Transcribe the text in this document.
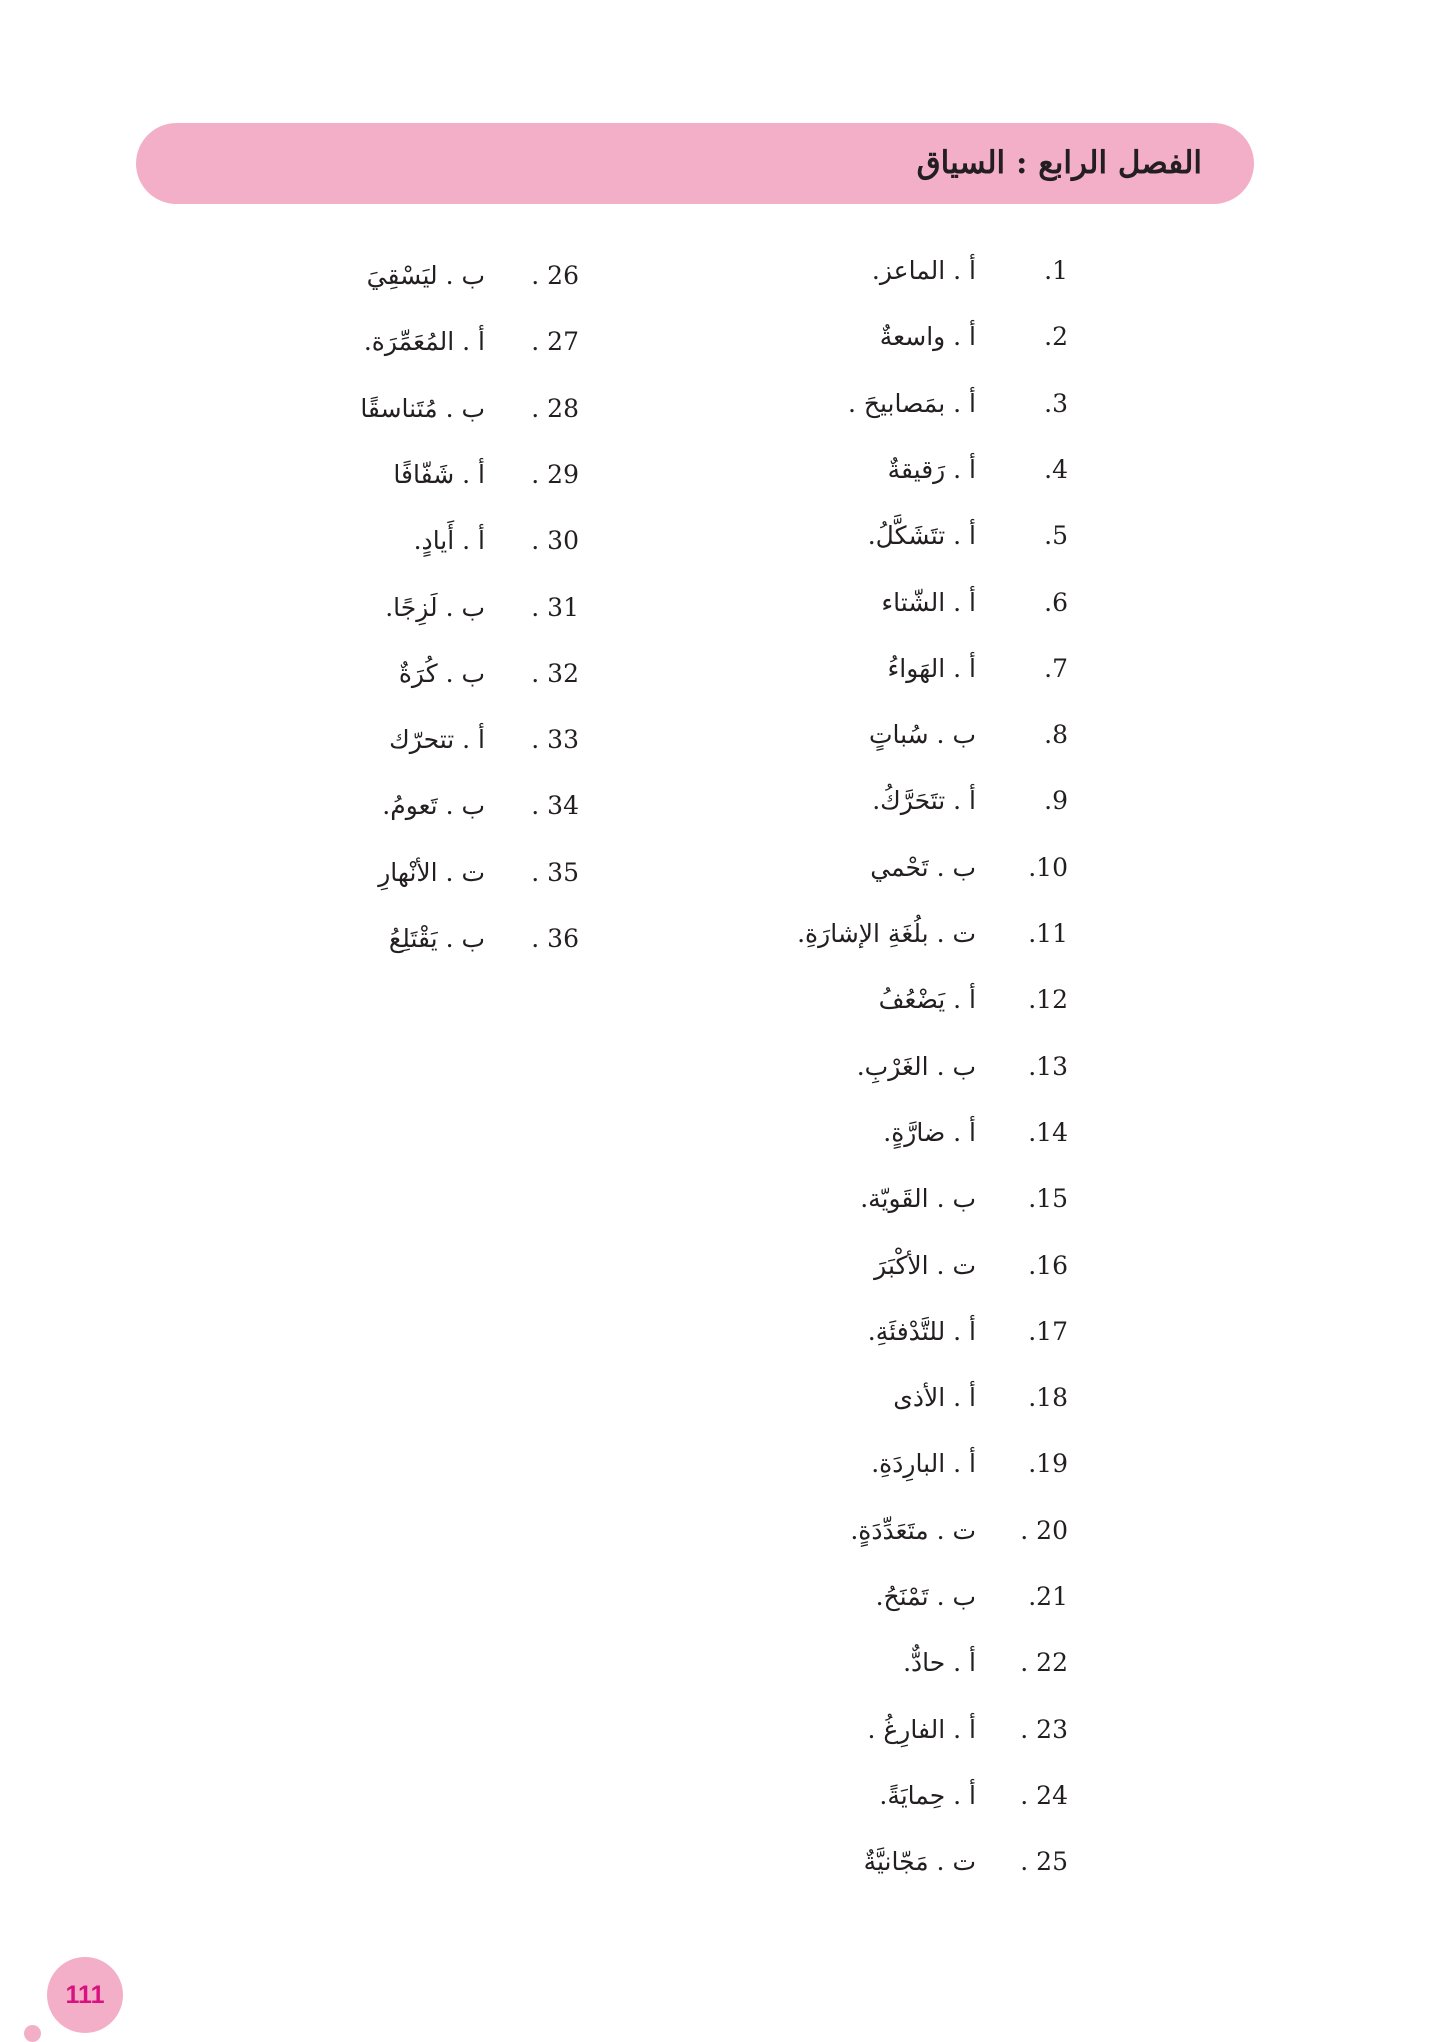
الفصل الرابع : السياق
.1
أ . الماعز.
.2
أ . واسعةٌ
.3
أ . بمَصابيحَ .
.4
أ . رَقيقةٌ
.5
أ . تتَشَكَّلُ.
.6
أ . الشّتاء
.7
أ . الهَواءُ
.8
ب . سُباتٍ
.9
أ . تتَحَرَّكُ.
.10
ب . تَحْمي
.11
ت . بلُغَةِ الإشارَةِ.
.12
أ . يَضْعُفُ
.13
ب . الغَرْبِ.
.14
أ . ضارَّةٍ.
.15
ب . القَويّة.
.16
ت . الأكْبَرَ
.17
أ . للتَّدْفئَةِ.
.18
أ . الأذى
.19
أ . البارِدَةِ.
. 20
ت . متَعَدِّدَةٍ.
.21
ب . تَمْنَحُ.
. 22
أ . حادٌّ.
. 23
أ . الفارِغُ .
. 24
أ . حِمايَةً.
. 25
ت . مَجّانيَّةٌ
. 26
ب . ليَسْقِيَ
. 27
أ . المُعَمِّرَة.
. 28
ب . مُتَناسقًا
. 29
أ . شَفّافًا
. 30
أ . أَيادٍ.
. 31
ب . لَزِجًا.
. 32
ب . كُرَةٌ
. 33
أ . تتحرّك
. 34
ب . تَعومُ.
. 35
ت . الأنْهارِ
. 36
ب . يَقْتَلِعُ
111
